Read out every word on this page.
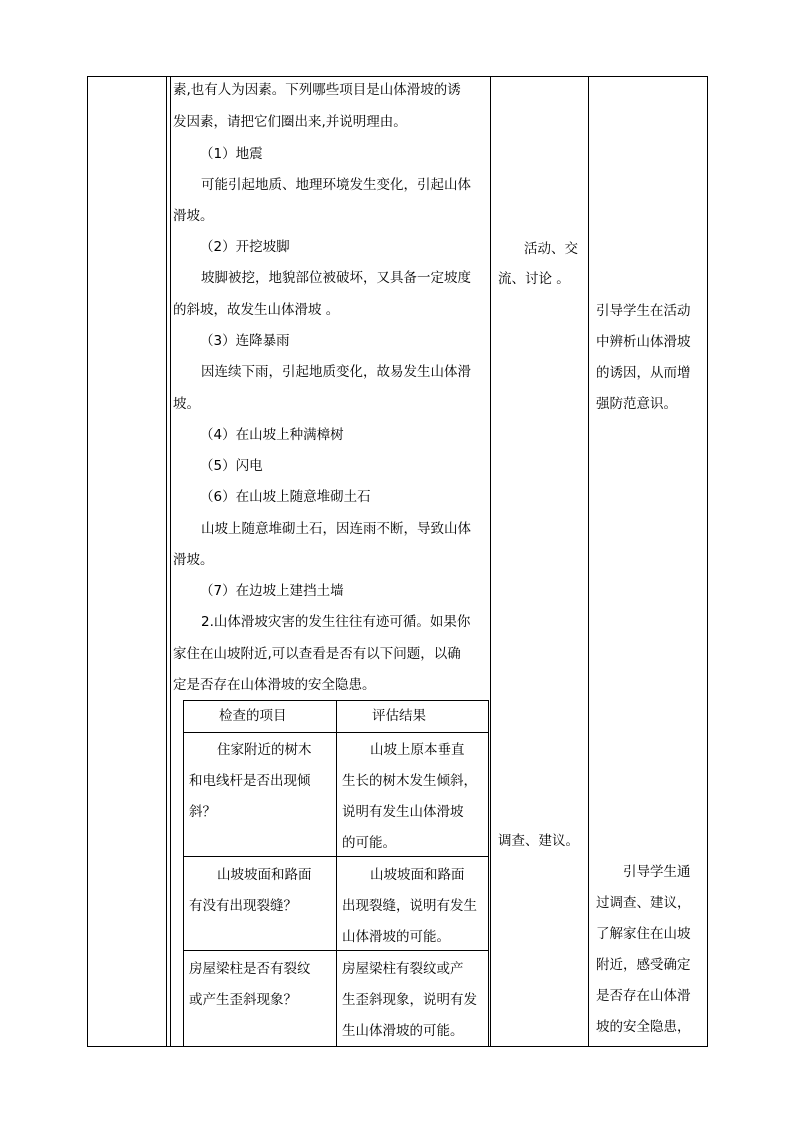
素,也有人为因素。下列哪些项目是山体滑坡的诱
发因素，请把它们圈出来,并说明理由。
（1）地震
可能引起地质、地理环境发生变化，引起山体
滑坡。
（2）开挖坡脚
坡脚被挖，地貌部位被破坏，又具备一定坡度
的斜坡，故发生山体滑坡 。
（3）连降暴雨
因连续下雨，引起地质变化，故易发生山体滑
坡。
（4）在山坡上种满樟树
（5）闪电
（6）在山坡上随意堆砌土石
山坡上随意堆砌土石，因连雨不断，导致山体
滑坡。
（7）在边坡上建挡土墙
2.山体滑坡灾害的发生往往有迹可循。如果你
家住在山坡附近,可以查看是否有以下问题，以确
定是否存在山体滑坡的安全隐患。
检查的项目	评估结果
住家附近的树木
和电线杆是否出现倾
斜？
山坡上原本垂直
生长的树木发生倾斜，
说明有发生山体滑坡
的可能。
山坡坡面和路面
有没有出现裂缝？
山坡坡面和路面
出现裂缝，说明有发生
山体滑坡的可能。
房屋梁柱是否有裂纹
或产生歪斜现象？
房屋梁柱有裂纹或产
生歪斜现象，说明有发
生山体滑坡的可能。
活动、交
流、讨论 。
调查、建议。
引导学生在活动
中辨析山体滑坡
的诱因，从而增
强防范意识。
引导学生通
过调查、建议，
了解家住在山坡
附近，感受确定
是否存在山体滑
坡的安全隐患，
